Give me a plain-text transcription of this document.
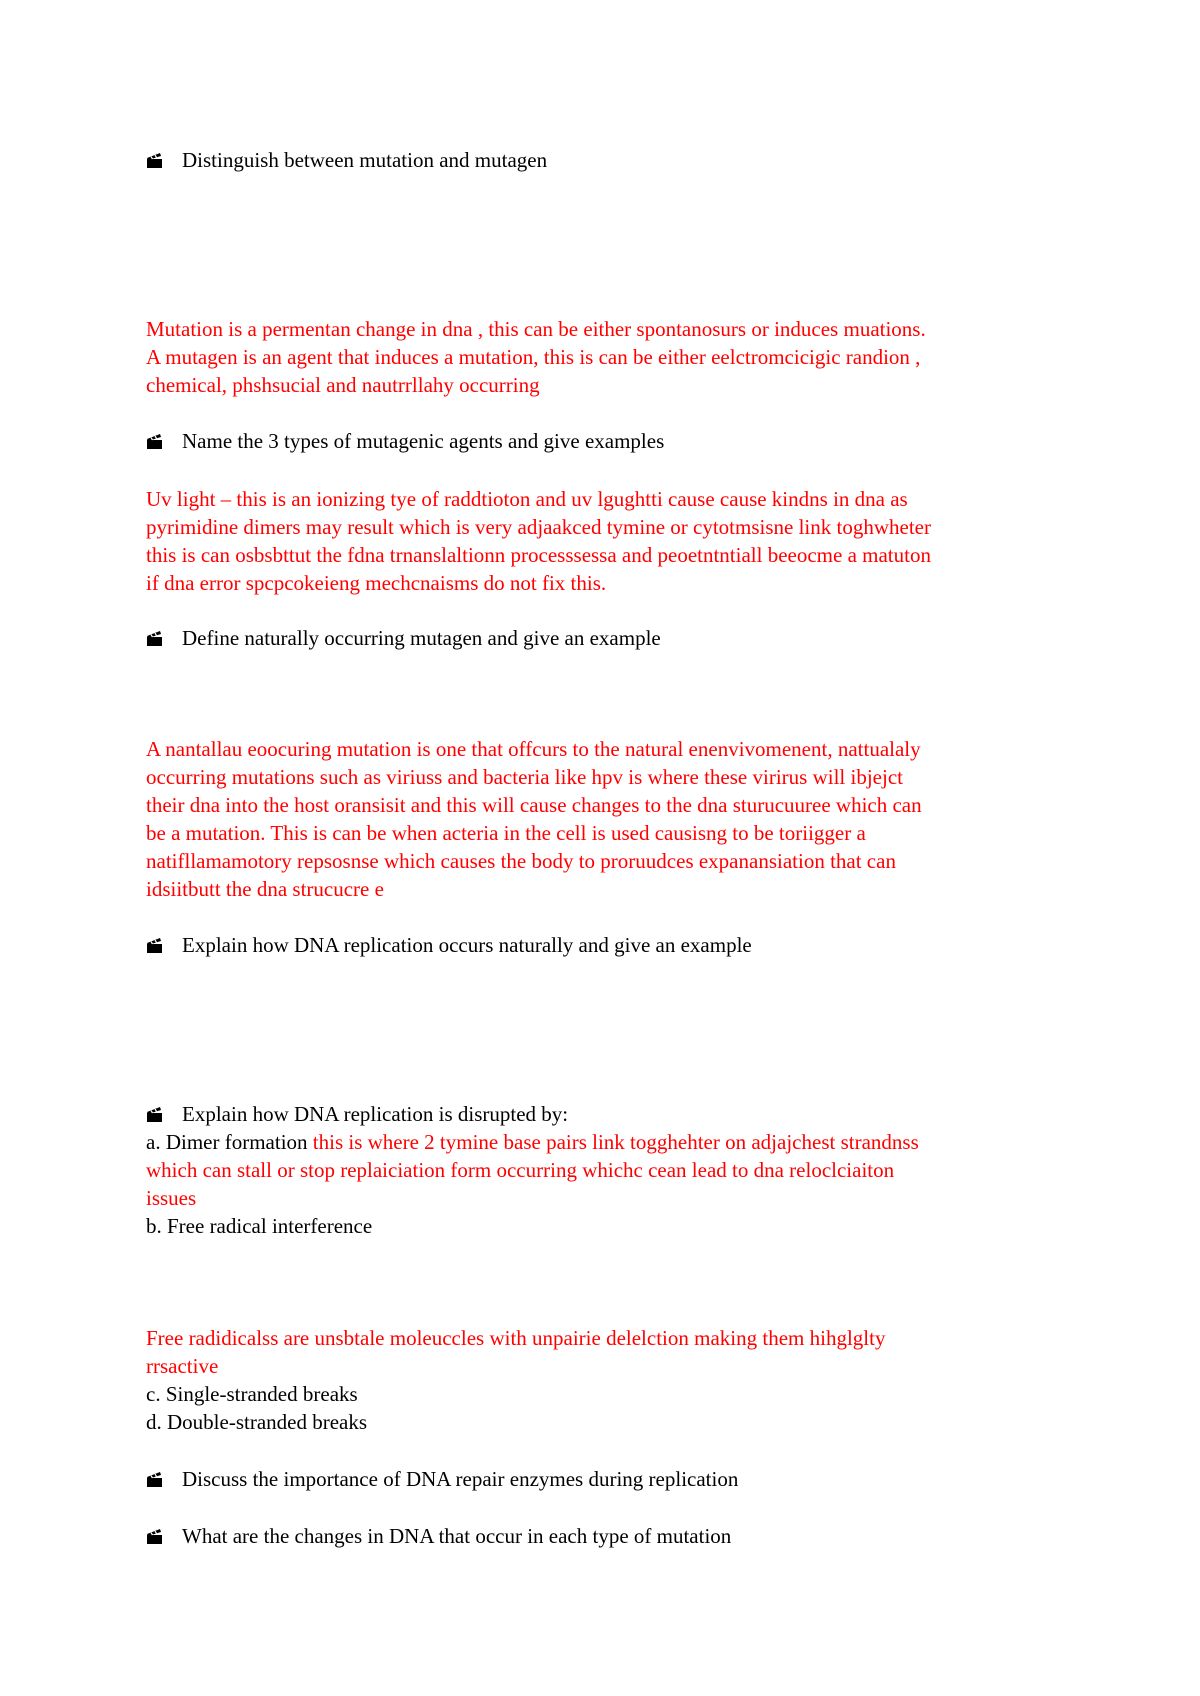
Distinguish between mutation and mutagen
Mutation is a permentan change in dna , this can be either spontanosurs or induces muations.
A mutagen is an agent that induces a mutation, this is can be either eelctromcicigic randion ,
chemical, phshsucial and nautrrllahy occurring
Name the 3 types of mutagenic agents and give examples
Uv light – this is an ionizing tye of raddtioton and uv lgughtti cause cause kindns in dna as
pyrimidine dimers may result which is very adjaakced tymine or cytotmsisne link toghwheter
this is can osbsbttut the fdna trnanslaltionn processsessa and peoetntntiall beeocme a matuton
if dna error spcpcokeieng mechcnaisms do not fix this.
Define naturally occurring mutagen and give an example
A nantallau eoocuring mutation is one that offcurs to the natural enenvivomenent, nattualaly
occurring mutations such as viriuss and bacteria like hpv is where these virirus will ibjejct
their dna into the host oransisit and this will cause changes to the dna sturucuuree which can
be a mutation. This is can be when acteria in the cell is used causisng to be toriigger a
natifllamamotory repsosnse which causes the body to proruudces expanansiation that can
idsiitbutt the dna strucucre e
Explain how DNA replication occurs naturally and give an example
Explain how DNA replication is disrupted by:
a. Dimer formation this is where 2 tymine base pairs link togghehter on adjajchest strandnss
which can stall or stop replaiciation form occurring whichc cean lead to dna reloclciaiton
issues
b. Free radical interference
Free radidicalss are unsbtale moleuccles with unpairie delelction making them hihglglty
rrsactive
c. Single-stranded breaks
d. Double-stranded breaks
Discuss the importance of DNA repair enzymes during replication
What are the changes in DNA that occur in each type of mutation
